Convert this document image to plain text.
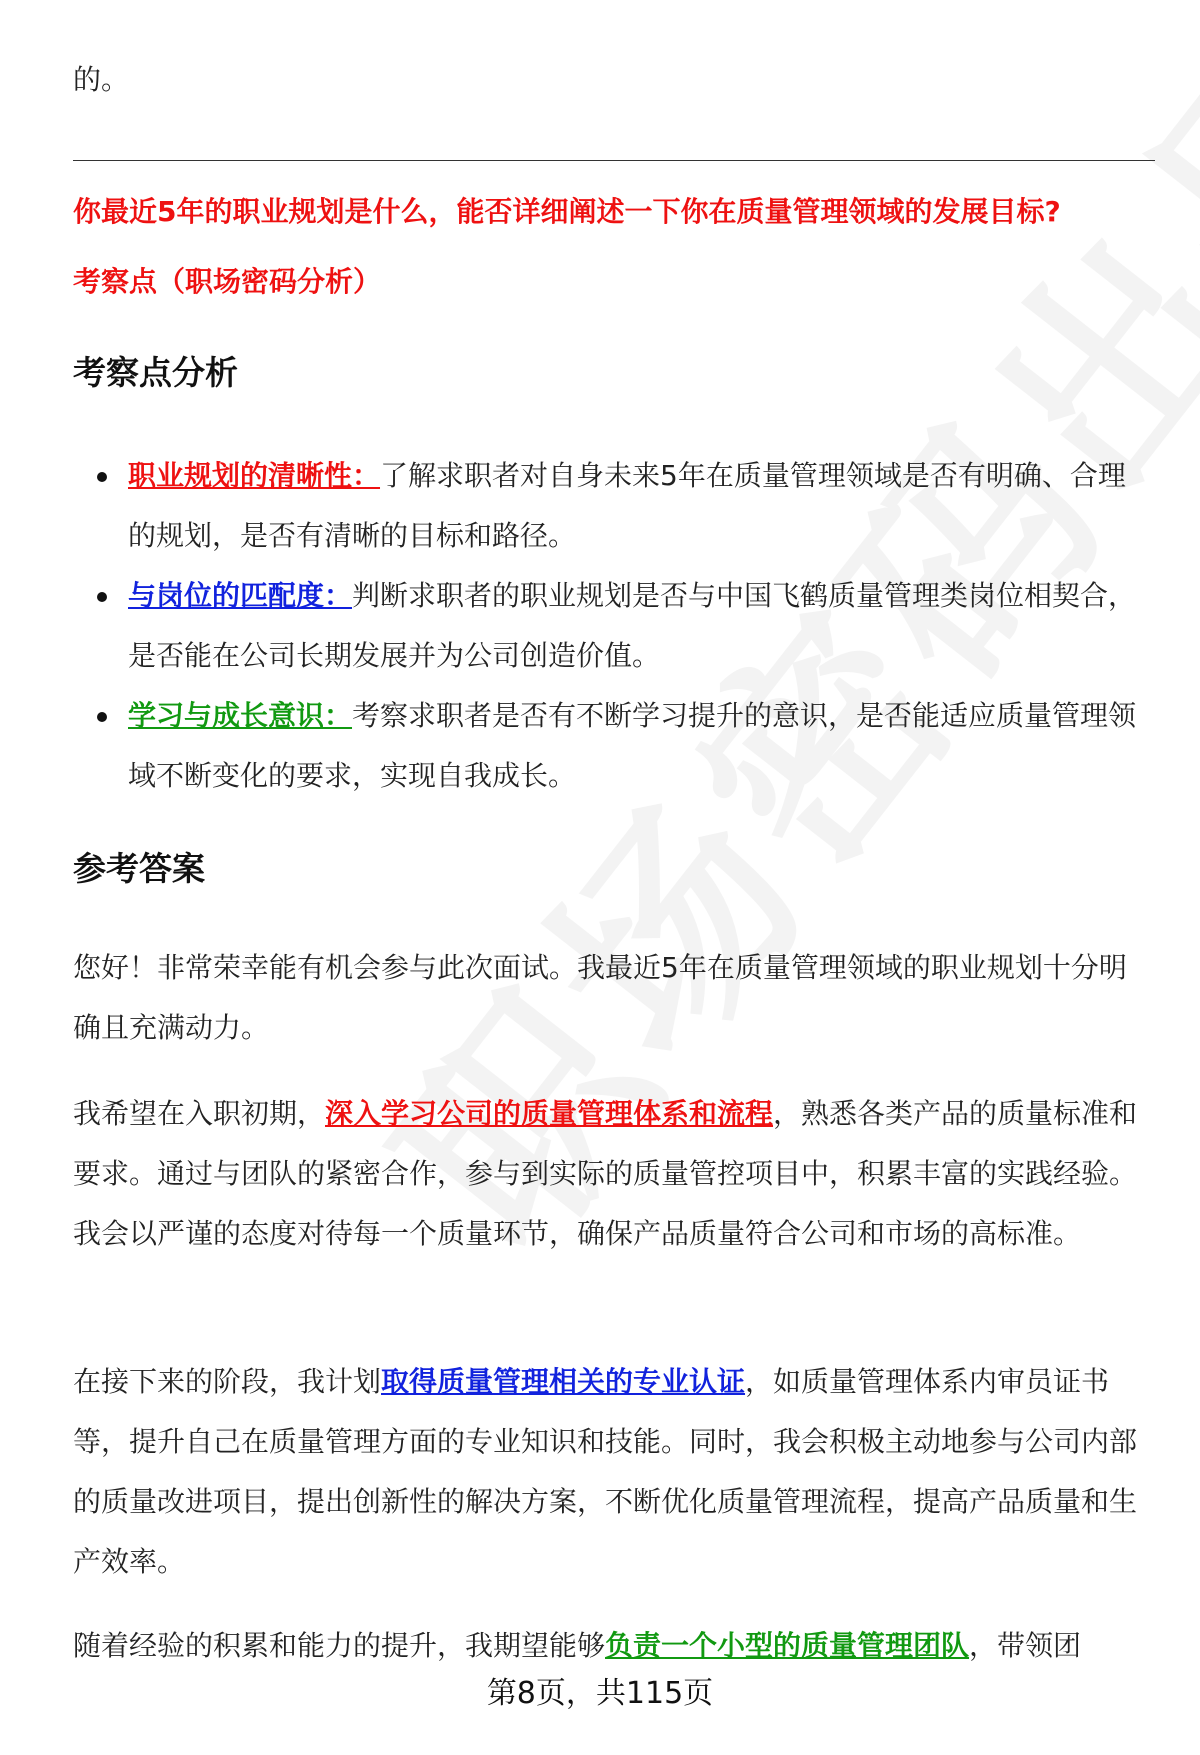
的。
你最近5年的职业规划是什么，能否详细阐述一下你在质量管理领域的发展目标?
考察点（职场密码分析）
考察点分析
职业规划的清晰性：了解求职者对自身未来5年在质量管理领域是否有明确、合理的规划，是否有清晰的目标和路径。
与岗位的匹配度：判断求职者的职业规划是否与中国飞鹤质量管理类岗位相契合，是否能在公司长期发展并为公司创造价值。
学习与成长意识：考察求职者是否有不断学习提升的意识，是否能适应质量管理领域不断变化的要求，实现自我成长。
参考答案

您好！非常荣幸能有机会参与此次面试。我最近5年在质量管理领域的职业规划十分明确且充满动力。

我希望在入职初期，深入学习公司的质量管理体系和流程，熟悉各类产品的质量标准和要求。通过与团队的紧密合作，参与到实际的质量管控项目中，积累丰富的实践经验。我会以严谨的态度对待每一个质量环节，确保产品质量符合公司和市场的高标准。

在接下来的阶段，我计划取得质量管理相关的专业认证，如质量管理体系内审员证书等，提升自己在质量管理方面的专业知识和技能。同时，我会积极主动地参与公司内部的质量改进项目，提出创新性的解决方案，不断优化质量管理流程，提高产品质量和生产效率。

随着经验的积累和能力的提升，我期望能够负责一个小型的质量管理团队，带领团

第8页，共115页
